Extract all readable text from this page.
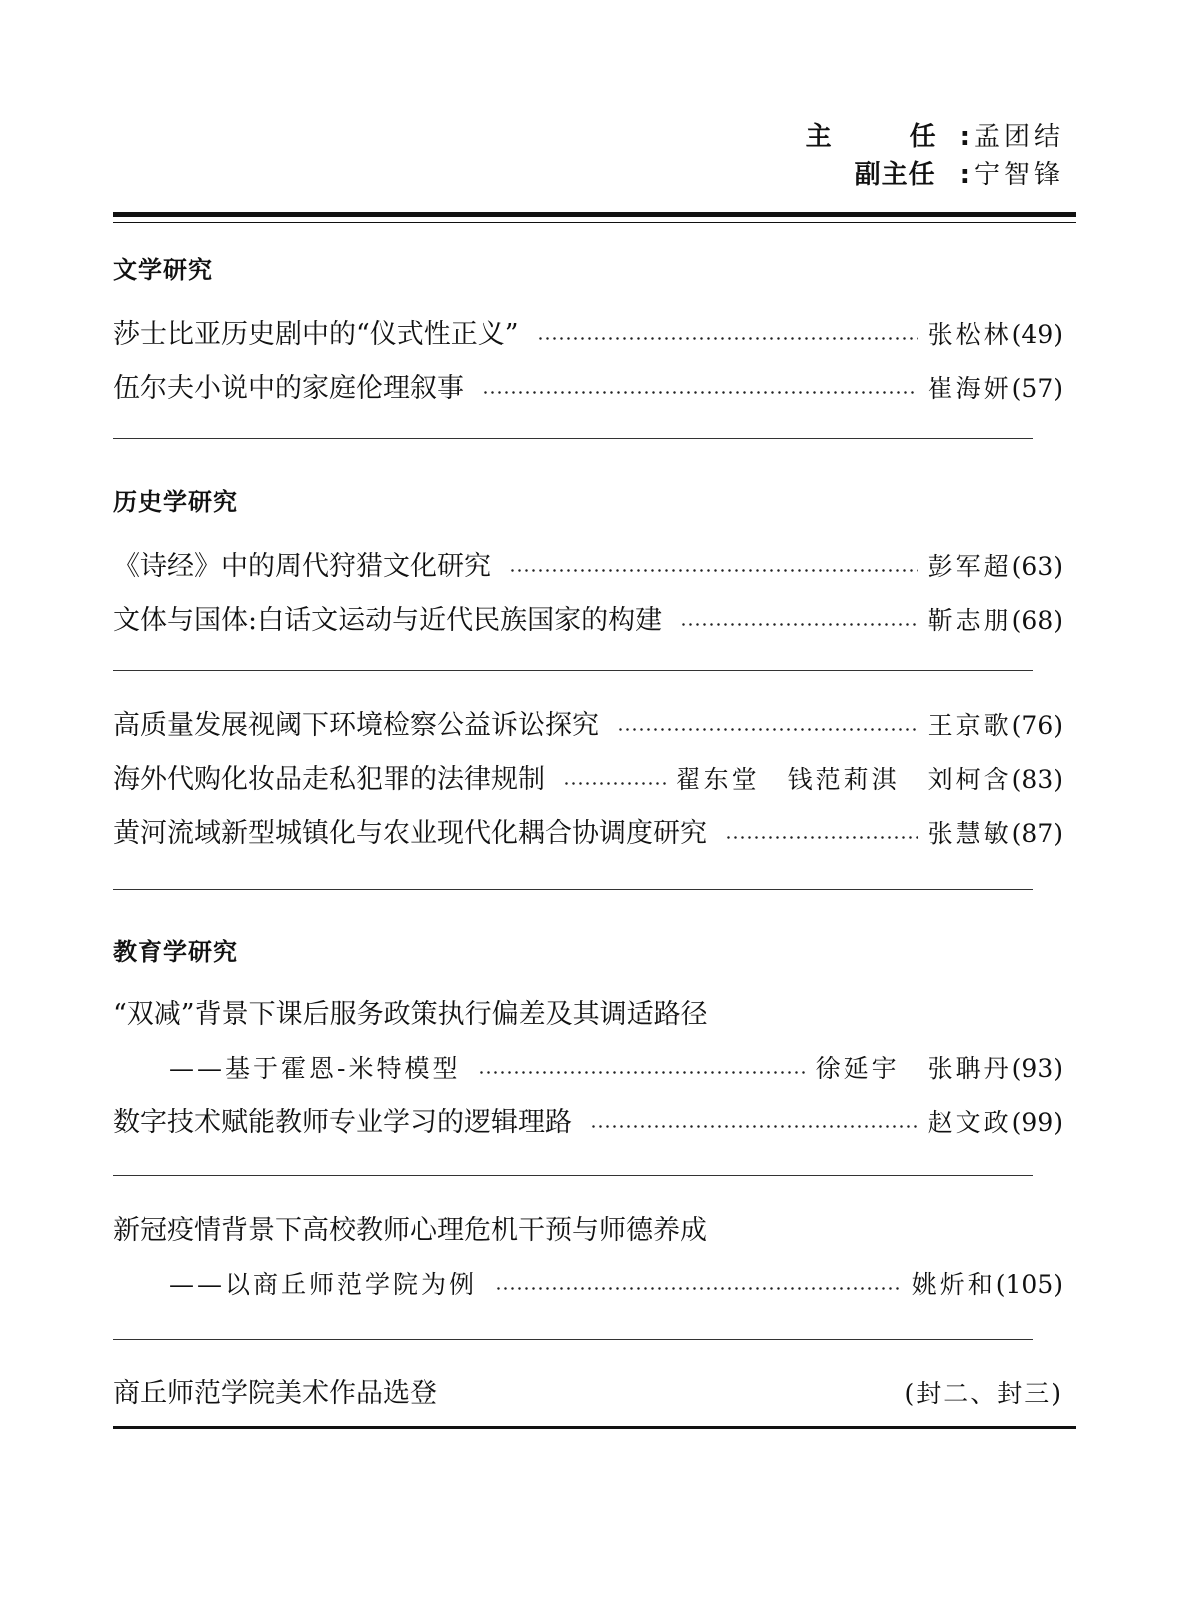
主　任
: 孟团结
副主任 : 宁智锋
文学研究
莎士比亚历史剧中的“仪式性正义”	张松林 (49)
伍尔夫小说中的家庭伦理叙事	崔海妍 (57)
历史学研究
《诗经》中的周代狩猎文化研究	彭军超 (63)
文体与国体:白话文运动与近代民族国家的构建	靳志朋 (68)
高质量发展视阈下环境检察公益诉讼探究	王京歌 (76)
海外代购化妆品走私犯罪的法律规制	翟东堂 钱范莉淇 刘柯含 (83)
黄河流域新型城镇化与农业现代化耦合协调度研究	张慧敏 (87)
教育学研究
“双减”背景下课后服务政策执行偏差及其调适路径
——基于霍恩-米特模型	徐延宇 张聃丹 (93)
数字技术赋能教师专业学习的逻辑理路	赵文政 (99)
新冠疫情背景下高校教师心理危机干预与师德养成
——以商丘师范学院为例	姚炘和 (105)
商丘师范学院美术作品选登	(封二、封三)
